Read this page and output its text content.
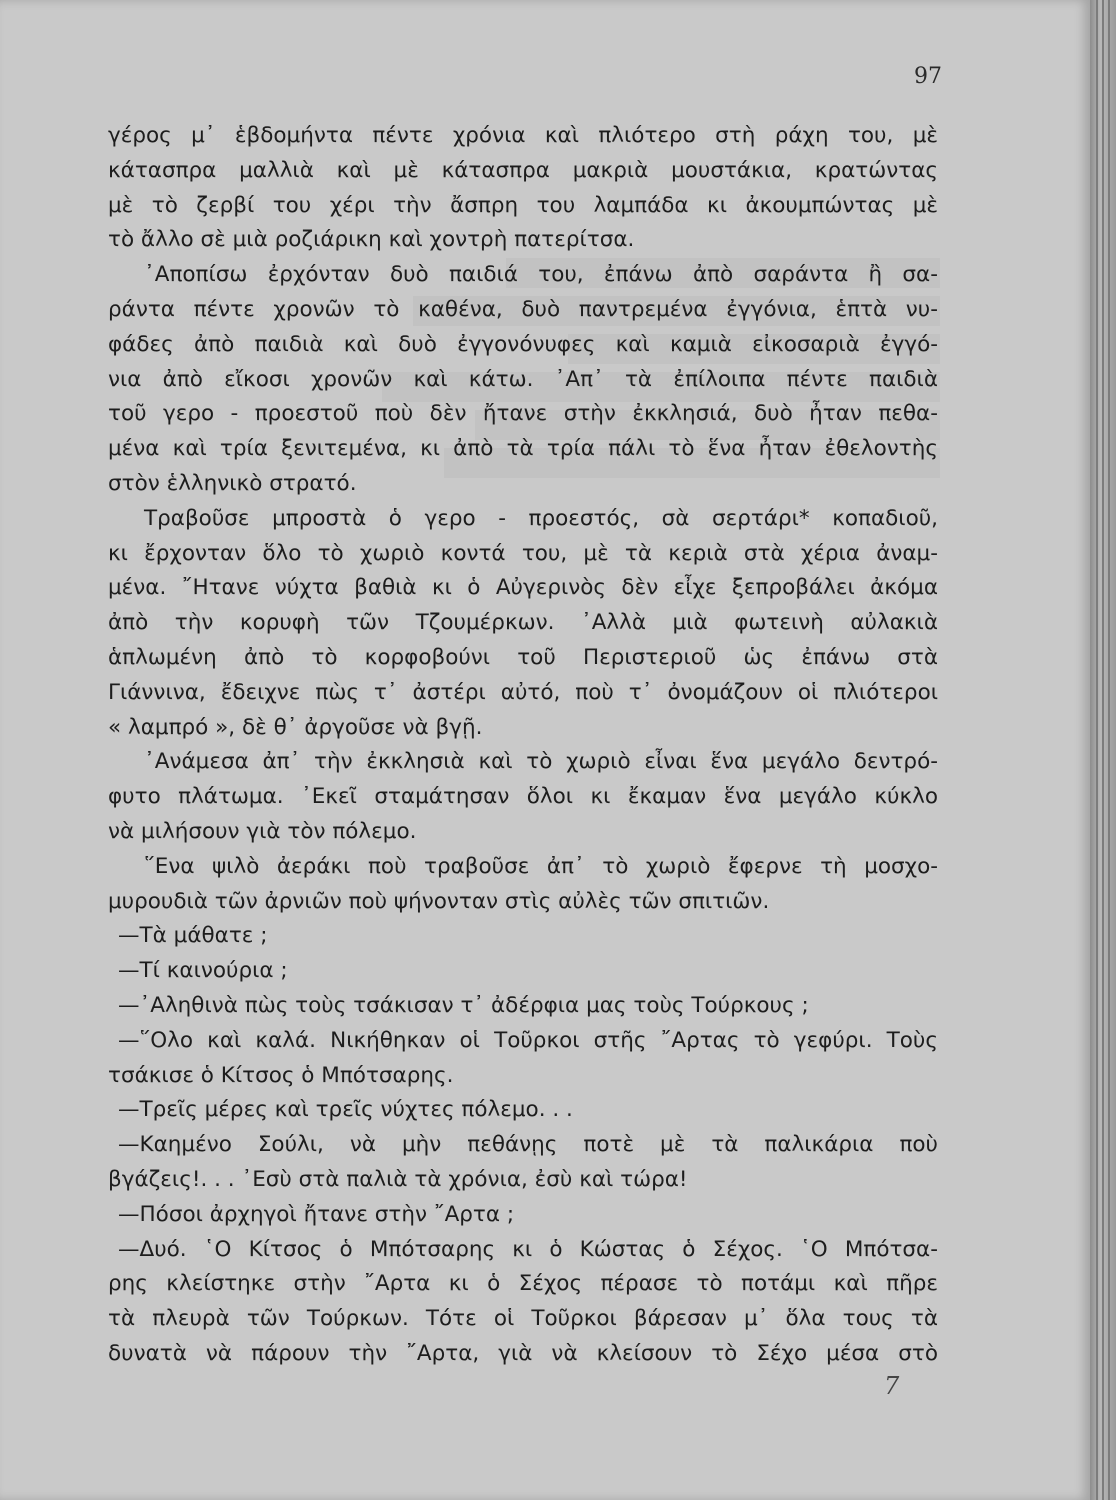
97
γέρος μ᾽ ἑβδομήντα πέντε χρόνια καὶ πλιότερο στὴ ράχη του, μὲ
κάτασπρα μαλλιὰ καὶ μὲ κάτασπρα μακριὰ μουστάκια, κρατώντας
μὲ τὸ ζερβί του χέρι τὴν ἄσπρη του λαμπάδα κι ἀκουμπώντας μὲ
τὸ ἄλλο σὲ μιὰ ροζιάρικη καὶ χοντρὴ πατερίτσα.
᾽Αποπίσω ἐρχόνταν δυὸ παιδιά του, ἐπάνω ἀπὸ σαράντα ἢ σα-
ράντα πέντε χρονῶν τὸ καθένα, δυὸ παντρεμένα ἐγγόνια, ἑπτὰ νυ-
φάδες ἀπὸ παιδιὰ καὶ δυὸ ἐγγονόνυφες καὶ καμιὰ εἰκοσαριὰ ἐγγό-
νια ἀπὸ εἴκοσι χρονῶν καὶ κάτω. ᾽Απ᾽ τὰ ἐπίλοιπα πέντε παιδιὰ
τοῦ γερο - προεστοῦ ποὺ δὲν ἤτανε στὴν ἐκκλησιά, δυὸ ἦταν πεθα-
μένα καὶ τρία ξενιτεμένα, κι ἀπὸ τὰ τρία πάλι τὸ ἕνα ἦταν ἐθελοντὴς
στὸν ἑλληνικὸ στρατό.
Τραβοῦσε μπροστὰ ὁ γερο - προεστός, σὰ σερτάρι* κοπαδιοῦ,
κι ἔρχονταν ὅλο τὸ χωριὸ κοντά του, μὲ τὰ κεριὰ στὰ χέρια ἀναμ-
μένα. ῎Ητανε νύχτα βαθιὰ κι ὁ Αὐγερινὸς δὲν εἶχε ξεπροβάλει ἀκόμα
ἀπὸ τὴν κορυφὴ τῶν Τζουμέρκων. ᾽Αλλὰ μιὰ φωτεινὴ αὐλακιὰ
ἁπλωμένη ἀπὸ τὸ κορφοβούνι τοῦ Περιστεριοῦ ὡς ἐπάνω στὰ
Γιάννινα, ἔδειχνε πὼς τ᾽ ἀστέρι αὐτό, ποὺ τ᾽ ὀνομάζουν οἱ πλιότεροι
« λαμπρό », δὲ θ᾽ ἀργοῦσε νὰ βγῇ.
᾽Ανάμεσα ἀπ᾽ τὴν ἐκκλησιὰ καὶ τὸ χωριὸ εἶναι ἕνα μεγάλο δεντρό-
φυτο πλάτωμα. ᾽Εκεῖ σταμάτησαν ὅλοι κι ἔκαμαν ἕνα μεγάλο κύκλο
νὰ μιλήσουν γιὰ τὸν πόλεμο.
῞Ενα ψιλὸ ἀεράκι ποὺ τραβοῦσε ἀπ᾽ τὸ χωριὸ ἔφερνε τὴ μοσχο-
μυρουδιὰ τῶν ἀρνιῶν ποὺ ψήνονταν στὶς αὐλὲς τῶν σπιτιῶν.
—Τὰ μάθατε ;
—Τί καινούρια ;
—᾽Αληθινὰ πὼς τοὺς τσάκισαν τ᾽ ἀδέρφια μας τοὺς Τούρκους ;
—῞Ολο καὶ καλά. Νικήθηκαν οἱ Τοῦρκοι στῆς ῎Αρτας τὸ γεφύρι. Τοὺς
τσάκισε ὁ Κίτσος ὁ Μπότσαρης.
—Τρεῖς μέρες καὶ τρεῖς νύχτες πόλεμο. . .
—Καημένο Σούλι, νὰ μὴν πεθάνῃς ποτὲ μὲ τὰ παλικάρια ποὺ
βγάζεις!. . . ᾽Εσὺ στὰ παλιὰ τὰ χρόνια, ἐσὺ καὶ τώρα!
—Πόσοι ἀρχηγοὶ ἤτανε στὴν ῎Αρτα ;
—Δυό. ῾Ο Κίτσος ὁ Μπότσαρης κι ὁ Κώστας ὁ Σέχος. ῾Ο Μπότσα-
ρης κλείστηκε στὴν ῎Αρτα κι ὁ Σέχος πέρασε τὸ ποτάμι καὶ πῆρε
τὰ πλευρὰ τῶν Τούρκων. Τότε οἱ Τοῦρκοι βάρεσαν μ᾽ ὅλα τους τὰ
δυνατὰ νὰ πάρουν τὴν ῎Αρτα, γιὰ νὰ κλείσουν τὸ Σέχο μέσα στὸ
7
